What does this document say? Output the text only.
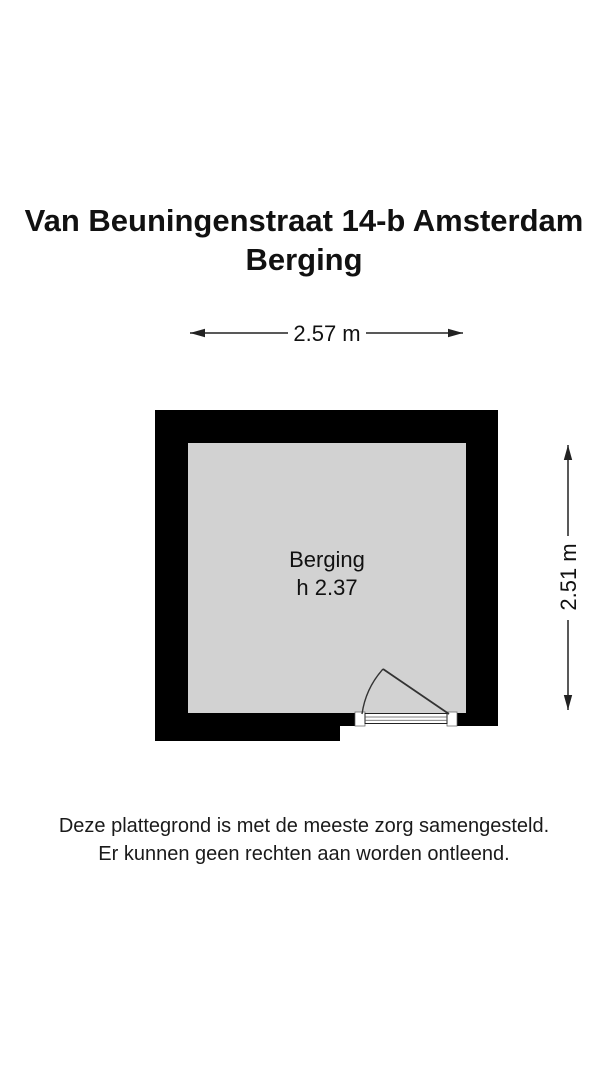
Van Beuningenstraat 14-b Amsterdam
Berging
2.57 m
2.51 m
Berging
h 2.37
Deze plattegrond is met de meeste zorg samengesteld.
Er kunnen geen rechten aan worden ontleend.
